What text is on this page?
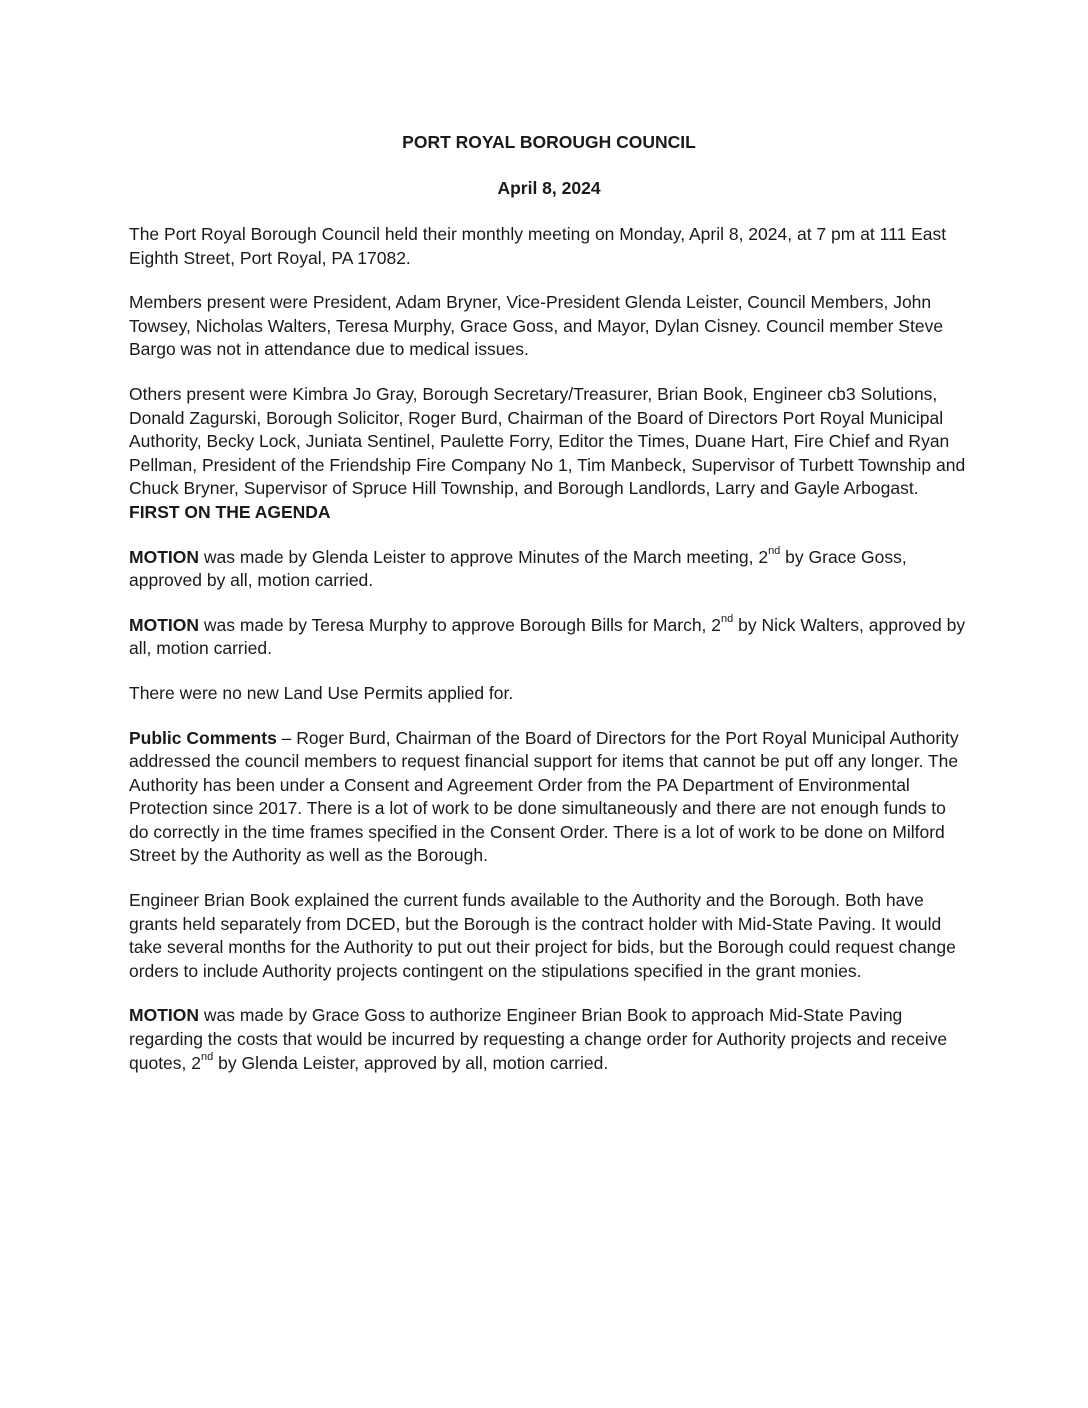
PORT ROYAL BOROUGH COUNCIL

April 8, 2024

The Port Royal Borough Council held their monthly meeting on Monday, April 8, 2024, at 7 pm at 111 East Eighth Street, Port Royal, PA 17082.

Members present were President, Adam Bryner, Vice-President Glenda Leister, Council Members, John Towsey, Nicholas Walters, Teresa Murphy, Grace Goss, and Mayor, Dylan Cisney. Council member Steve Bargo was not in attendance due to medical issues.

Others present were Kimbra Jo Gray, Borough Secretary/Treasurer, Brian Book, Engineer cb3 Solutions, Donald Zagurski, Borough Solicitor, Roger Burd, Chairman of the Board of Directors Port Royal Municipal Authority, Becky Lock, Juniata Sentinel, Paulette Forry, Editor the Times, Duane Hart, Fire Chief and Ryan Pellman, President of the Friendship Fire Company No 1, Tim Manbeck, Supervisor of Turbett Township and Chuck Bryner, Supervisor of Spruce Hill Township, and Borough Landlords, Larry and Gayle Arbogast.

FIRST ON THE AGENDA

MOTION was made by Glenda Leister to approve Minutes of the March meeting, 2nd by Grace Goss, approved by all, motion carried.

MOTION was made by Teresa Murphy to approve Borough Bills for March, 2nd by Nick Walters, approved by all, motion carried.

There were no new Land Use Permits applied for.

Public Comments – Roger Burd, Chairman of the Board of Directors for the Port Royal Municipal Authority addressed the council members to request financial support for items that cannot be put off any longer. The Authority has been under a Consent and Agreement Order from the PA Department of Environmental Protection since 2017. There is a lot of work to be done simultaneously and there are not enough funds to do correctly in the time frames specified in the Consent Order. There is a lot of work to be done on Milford Street by the Authority as well as the Borough.

Engineer Brian Book explained the current funds available to the Authority and the Borough. Both have grants held separately from DCED, but the Borough is the contract holder with Mid-State Paving. It would take several months for the Authority to put out their project for bids, but the Borough could request change orders to include Authority projects contingent on the stipulations specified in the grant monies.

MOTION was made by Grace Goss to authorize Engineer Brian Book to approach Mid-State Paving regarding the costs that would be incurred by requesting a change order for Authority projects and receive quotes, 2nd by Glenda Leister, approved by all, motion carried.
